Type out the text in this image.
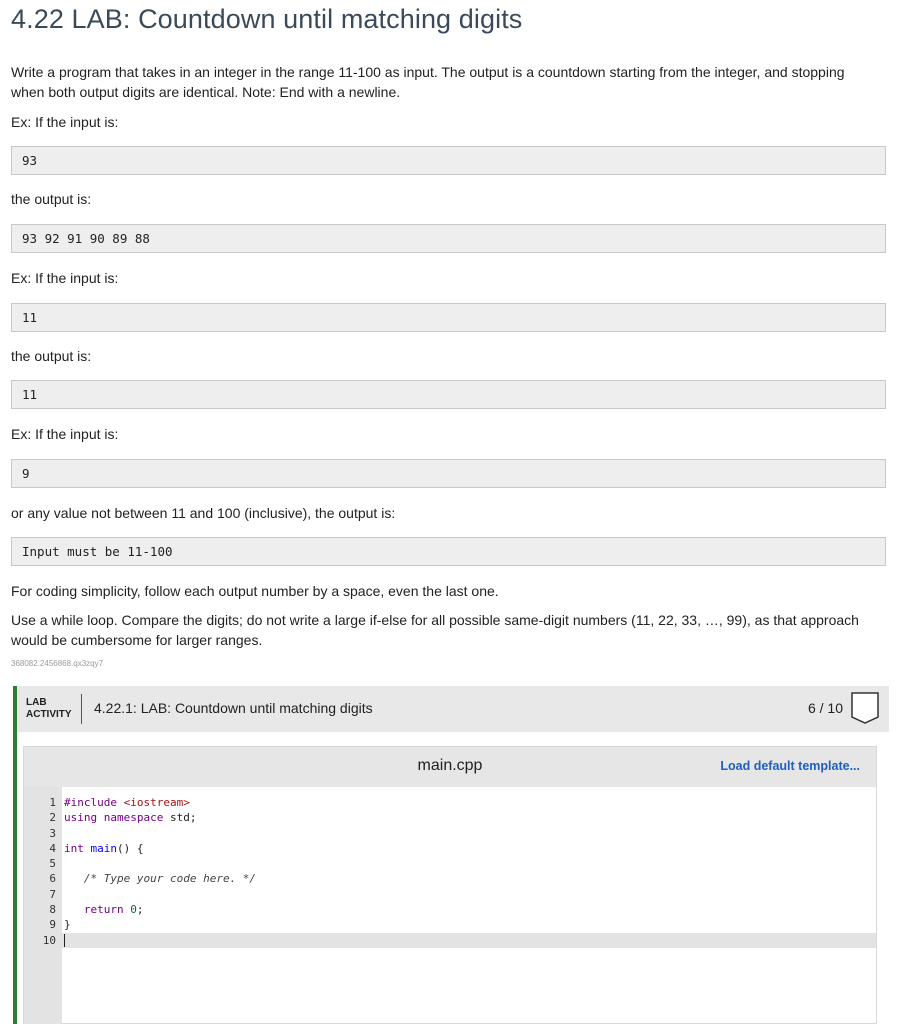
4.22 LAB: Countdown until matching digits

Write a program that takes in an integer in the range 11-100 as input. The output is a countdown starting from the integer, and stopping
when both output digits are identical. Note: End with a newline.

Ex: If the input is:

93

the output is:

93 92 91 90 89 88

Ex: If the input is:

11

the output is:

11

Ex: If the input is:

9

or any value not between 11 and 100 (inclusive), the output is:

Input must be 11-100

For coding simplicity, follow each output number by a space, even the last one.

Use a while loop. Compare the digits; do not write a large if-else for all possible same-digit numbers (11, 22, 33, …, 99), as that approach
would be cumbersome for larger ranges.

368082.2456868.qx3zqy7
LAB
ACTIVITY 4.22.1: LAB: Countdown until matching digits	6 / 10
main.cpp	Load default template...
1 #include <iostream>
2 using namespace std;
3
4 int main() {
5
6 /* Type your code here. */
7
8	return 0;
9 }
10
